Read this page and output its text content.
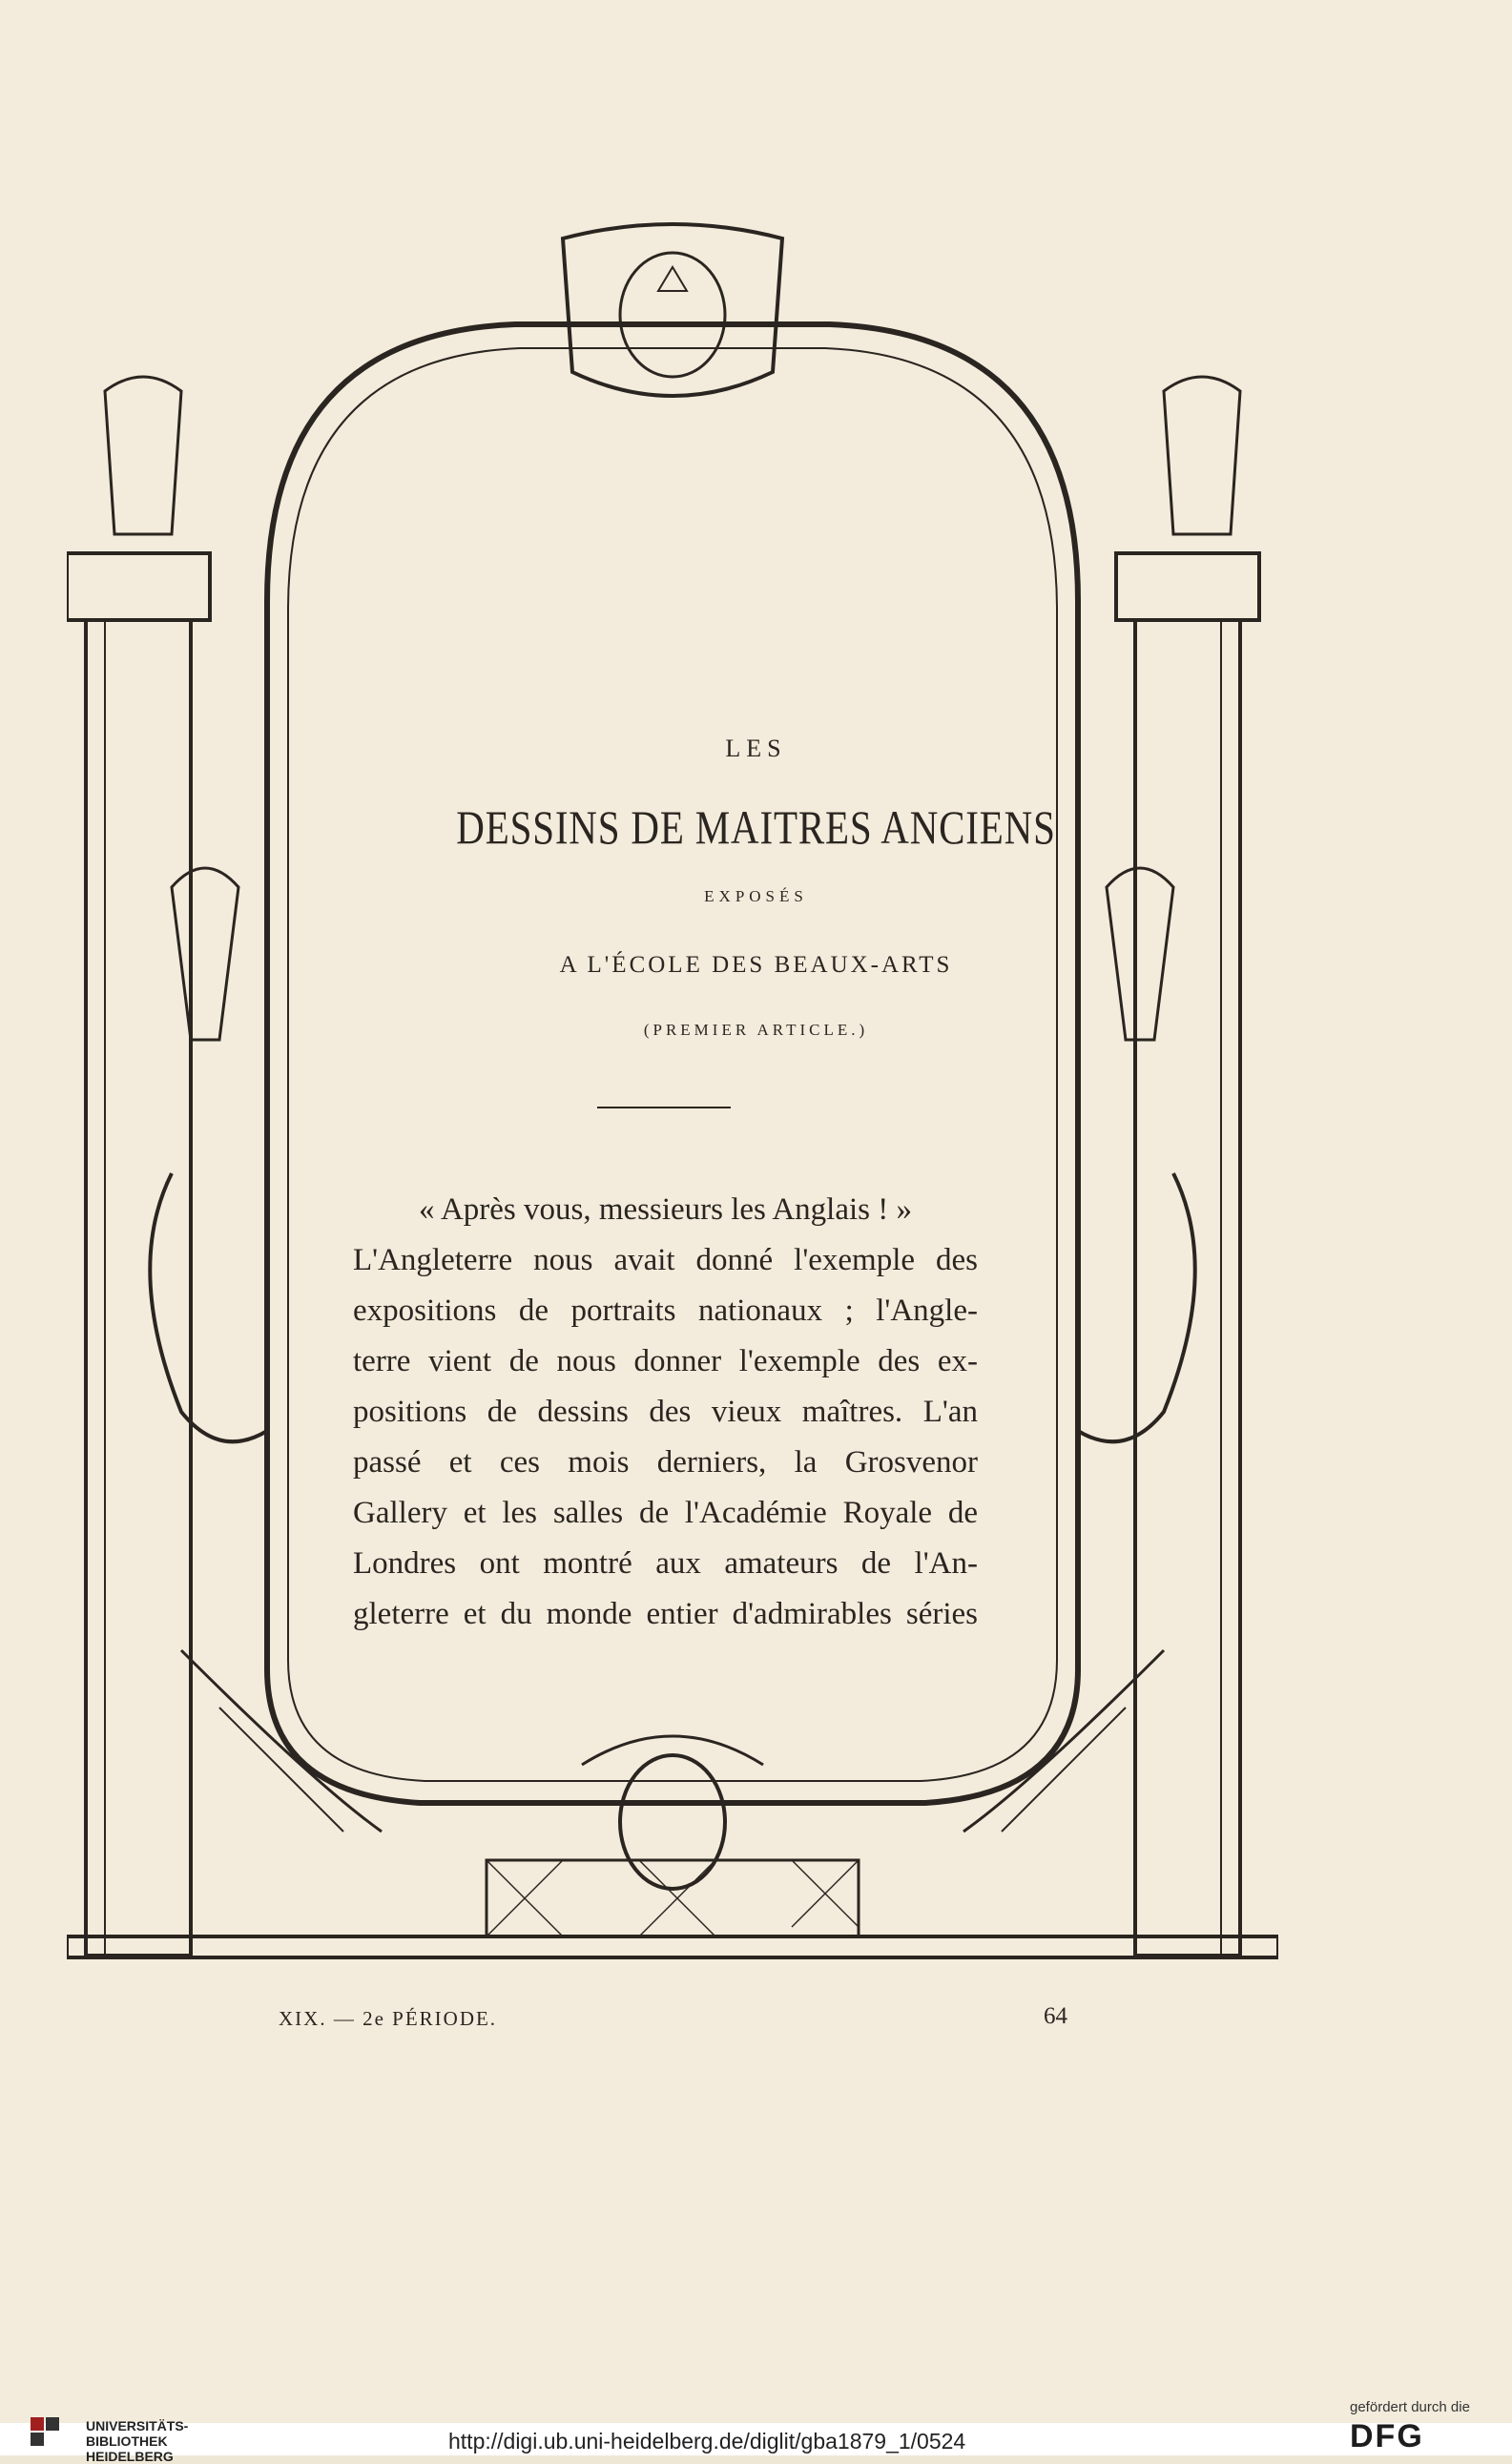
LES
DESSINS DE MAITRES ANCIENS
EXPOSÉS
A L'ÉCOLE DES BEAUX-ARTS
(PREMIER ARTICLE.)
« Après vous, messieurs les Anglais ! »
L'Angleterre nous avait donné l'exemple des
expositions de portraits nationaux ; l'Angle-
terre vient de nous donner l'exemple des ex-
positions de dessins des vieux maîtres. L'an
passé et ces mois derniers, la Grosvenor
Gallery et les salles de l'Académie Royale de
Londres ont montré aux amateurs de l'An-
gleterre et du monde entier d'admirables séries
XIX. — 2e PÉRIODE.	64
UNIVERSITÄTS-
BIBLIOTHEK
HEIDELBERG
http://digi.ub.uni-heidelberg.de/diglit/gba1879_1/0524
gefördert durch die
DFG
